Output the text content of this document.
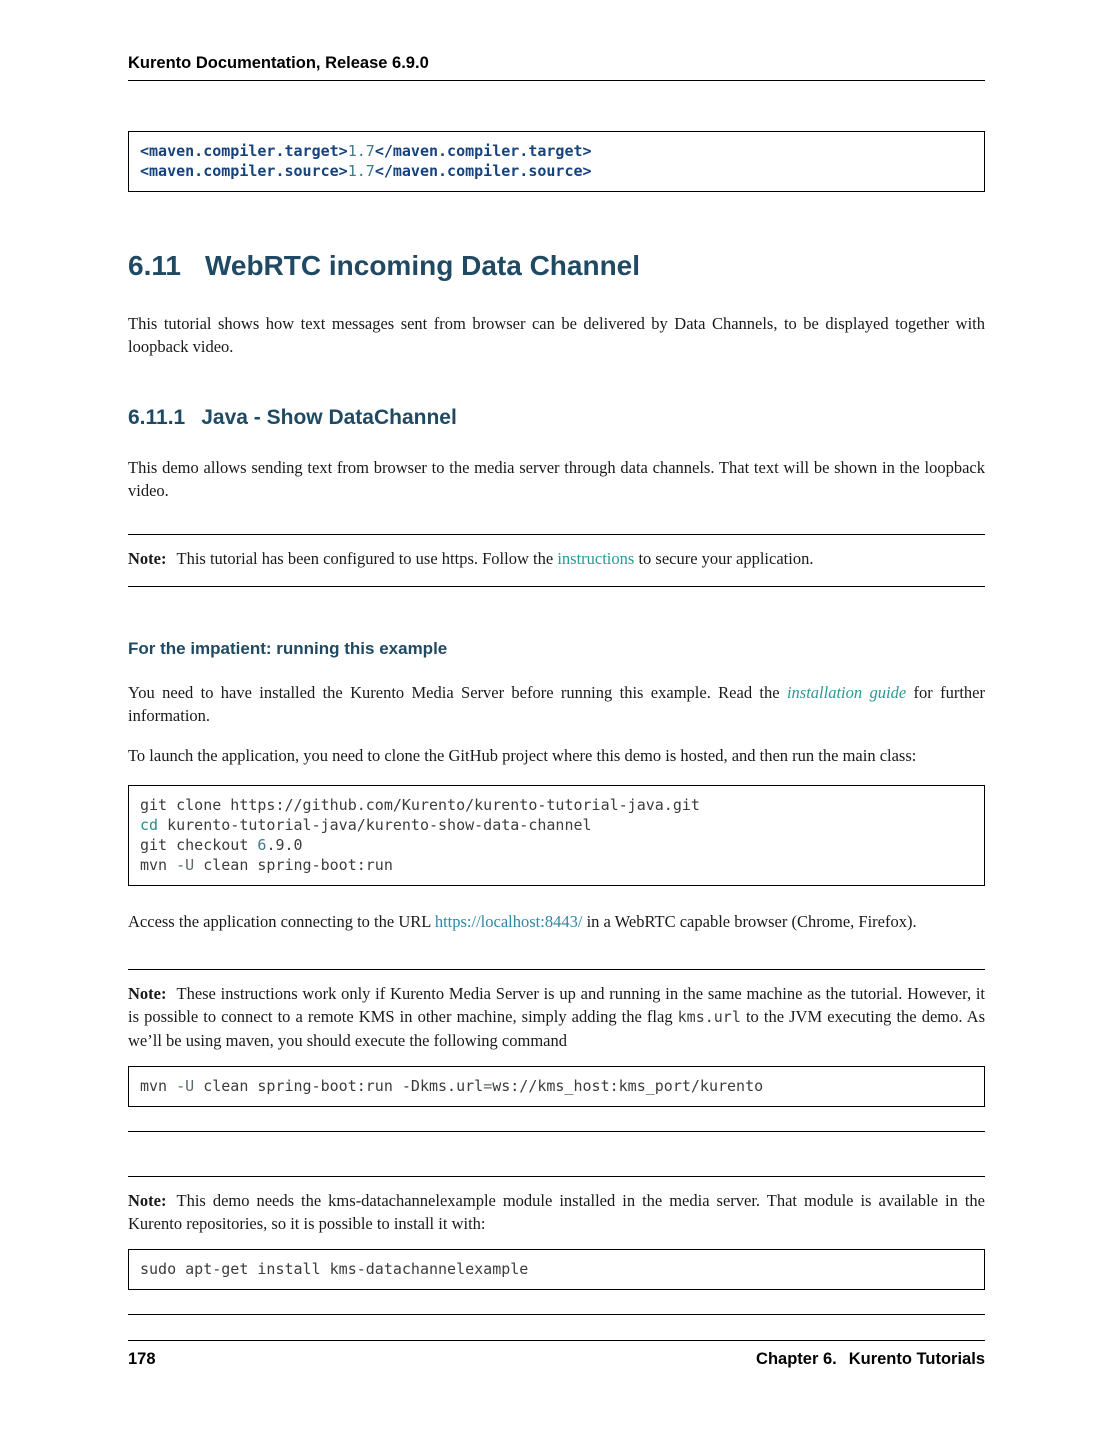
Kurento Documentation, Release 6.9.0
<maven.compiler.target>1.7</maven.compiler.target>
<maven.compiler.source>1.7</maven.compiler.source>
6.11 WebRTC incoming Data Channel

This tutorial shows how text messages sent from browser can be delivered by Data Channels, to be displayed together with loopback video.

6.11.1 Java - Show DataChannel

This demo allows sending text from browser to the media server through data channels. That text will be shown in the loopback video.

Note: This tutorial has been configured to use https. Follow the instructions to secure your application.

For the impatient: running this example

You need to have installed the Kurento Media Server before running this example. Read the installation guide for further information.

To launch the application, you need to clone the GitHub project where this demo is hosted, and then run the main class:

git clone https://github.com/Kurento/kurento-tutorial-java.git
cd kurento-tutorial-java/kurento-show-data-channel
git checkout 6.9.0
mvn -U clean spring-boot:run

Access the application connecting to the URL https://localhost:8443/ in a WebRTC capable browser (Chrome, Firefox).

Note: These instructions work only if Kurento Media Server is up and running in the same machine as the tutorial. However, it is possible to connect to a remote KMS in other machine, simply adding the flag kms.url to the JVM executing the demo. As we’ll be using maven, you should execute the following command

mvn -U clean spring-boot:run -Dkms.url=ws://kms_host:kms_port/kurento

Note: This demo needs the kms-datachannelexample module installed in the media server. That module is available in the Kurento repositories, so it is possible to install it with:

sudo apt-get install kms-datachannelexample
178	Chapter 6. Kurento Tutorials
